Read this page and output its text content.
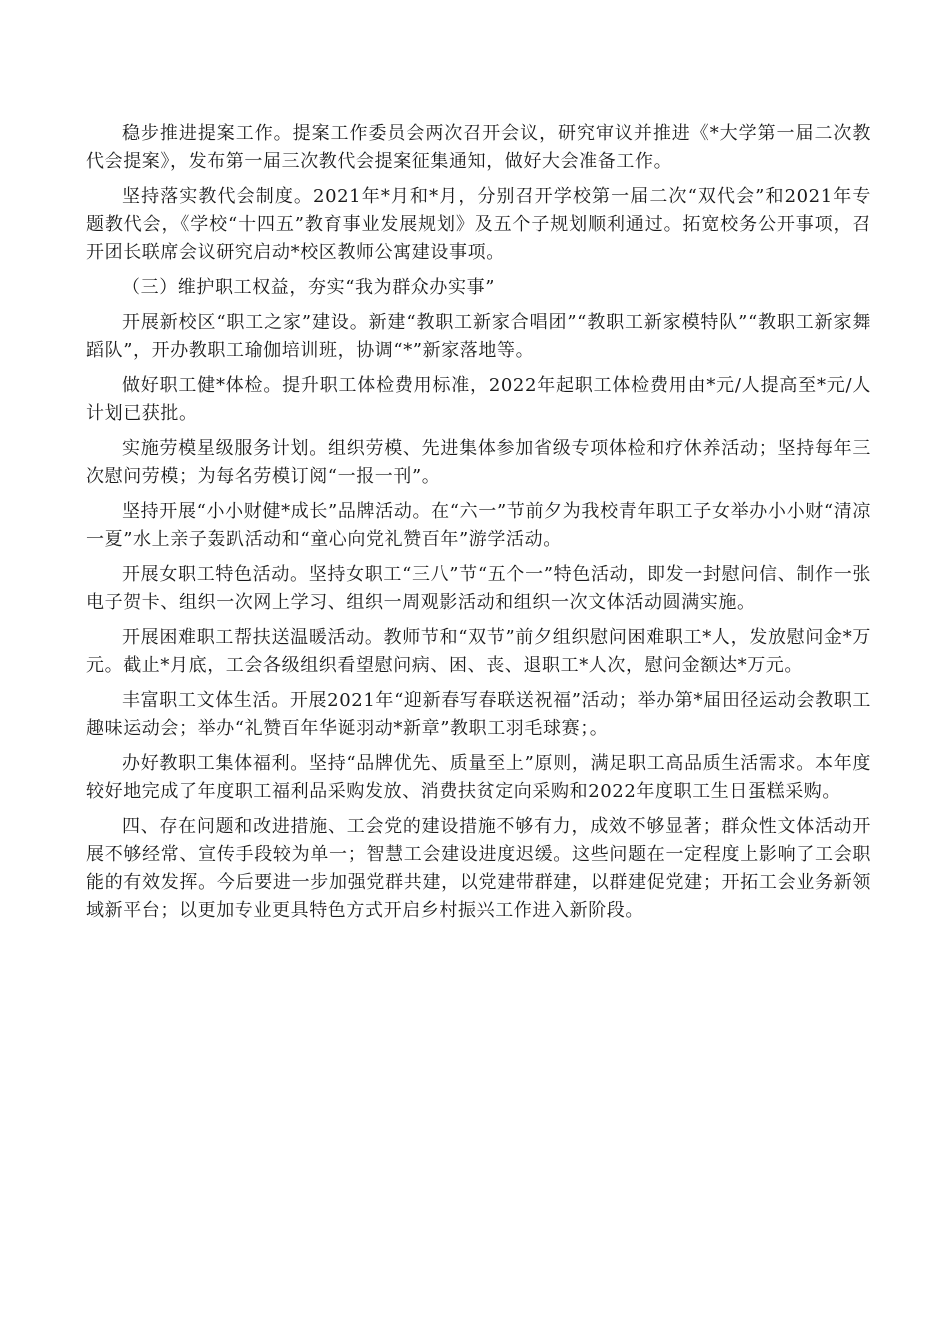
稳步推进提案工作。提案工作委员会两次召开会议，研究审议并推进《*大学第一届二次教代会提案》，发布第一届三次教代会提案征集通知，做好大会准备工作。

坚持落实教代会制度。2021年*月和*月，分别召开学校第一届二次“双代会”和2021年专题教代会，《学校“十四五”教育事业发展规划》及五个子规划顺利通过。拓宽校务公开事项，召开团长联席会议研究启动*校区教师公寓建设事项。

（三）维护职工权益，夯实“我为群众办实事”

开展新校区“职工之家”建设。新建“教职工新家合唱团”“教职工新家模特队”“教职工新家舞蹈队”，开办教职工瑜伽培训班，协调“*”新家落地等。

做好职工健*体检。提升职工体检费用标准，2022年起职工体检费用由*元/人提高至*元/人计划已获批。

实施劳模星级服务计划。组织劳模、先进集体参加省级专项体检和疗休养活动；坚持每年三次慰问劳模；为每名劳模订阅“一报一刊”。

坚持开展“小小财健*成长”品牌活动。在“六一”节前夕为我校青年职工子女举办小小财“清凉一夏”水上亲子轰趴活动和“童心向党礼赞百年”游学活动。

开展女职工特色活动。坚持女职工“三八”节“五个一”特色活动，即发一封慰问信、制作一张电子贺卡、组织一次网上学习、组织一周观影活动和组织一次文体活动圆满实施。

开展困难职工帮扶送温暖活动。教师节和“双节”前夕组织慰问困难职工*人，发放慰问金*万元。截止*月底，工会各级组织看望慰问病、困、丧、退职工*人次，慰问金额达*万元。

丰富职工文体生活。开展2021年“迎新春写春联送祝福”活动；举办第*届田径运动会教职工趣味运动会；举办“礼赞百年华诞羽动*新章”教职工羽毛球赛；。

办好教职工集体福利。坚持“品牌优先、质量至上”原则，满足职工高品质生活需求。本年度较好地完成了年度职工福利品采购发放、消费扶贫定向采购和2022年度职工生日蛋糕采购。

四、存在问题和改进措施、工会党的建设措施不够有力，成效不够显著；群众性文体活动开展不够经常、宣传手段较为单一；智慧工会建设进度迟缓。这些问题在一定程度上影响了工会职能的有效发挥。今后要进一步加强党群共建，以党建带群建，以群建促党建；开拓工会业务新领域新平台；以更加专业更具特色方式开启乡村振兴工作进入新阶段。
